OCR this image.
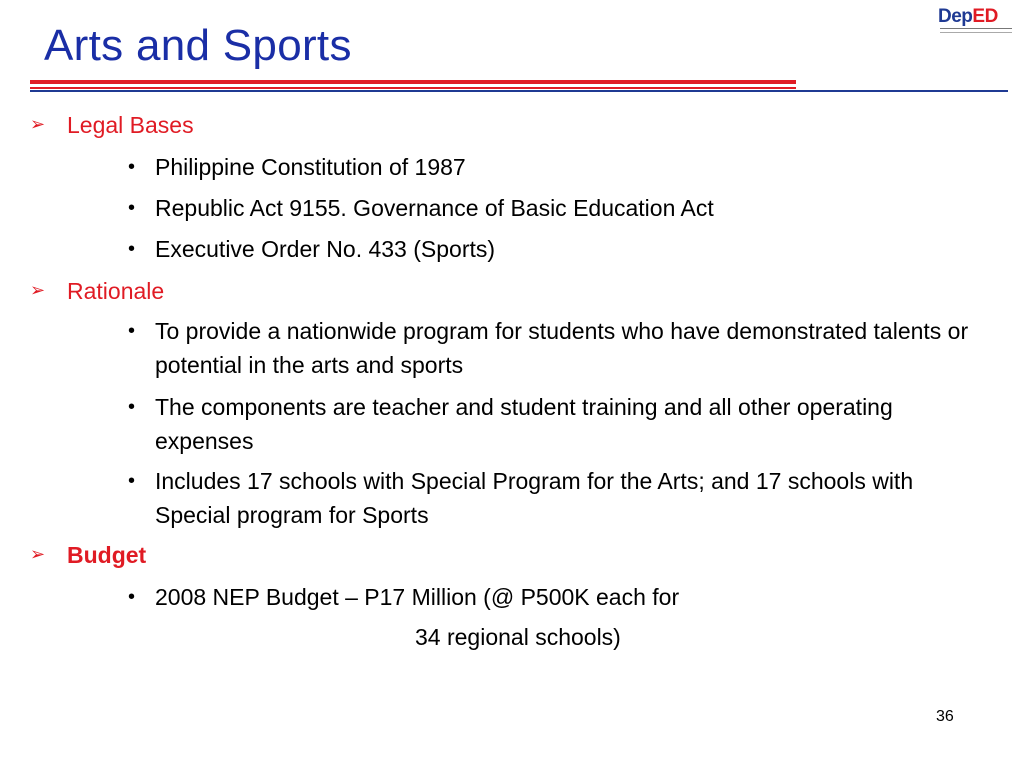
Arts and Sports
DepED
➢ Legal Bases
• Philippine Constitution of 1987
• Republic Act 9155. Governance of Basic Education Act
• Executive Order No. 433 (Sports)
➢ Rationale
• To provide a nationwide program for students who have demonstrated talents or potential in the arts and sports
• The components are teacher and student training and all other operating expenses
• Includes 17 schools with Special Program for the Arts; and 17 schools with Special program for Sports
➢ Budget
• 2008 NEP Budget – P17 Million (@ P500K each for
34 regional schools)
36
